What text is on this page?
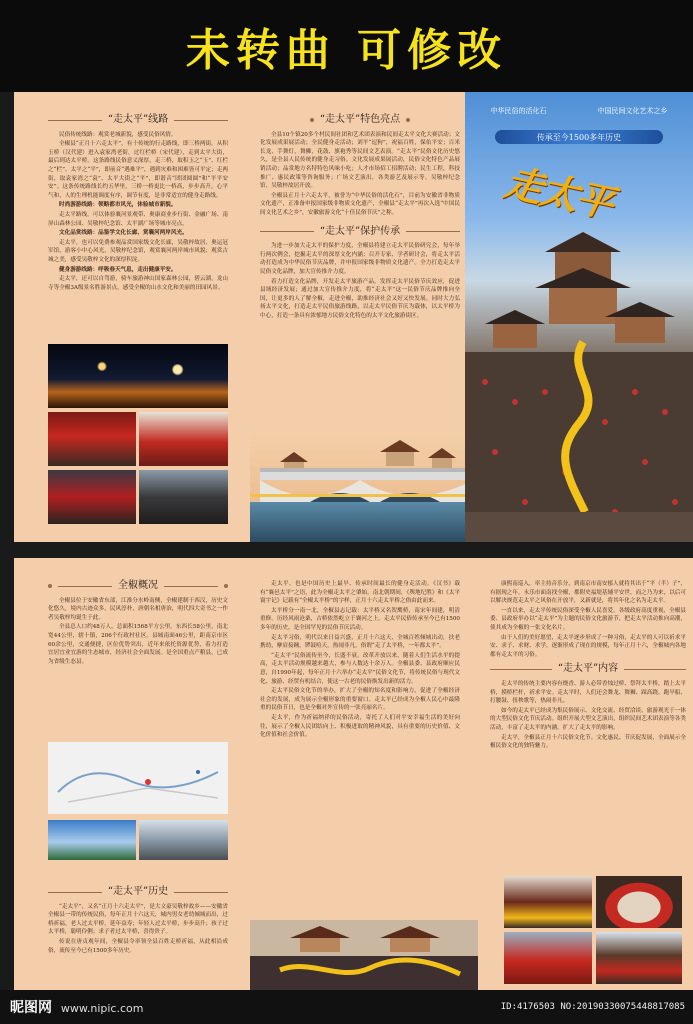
未转曲 可修改
“走太平”线路

民俗传统线路：观赏老城新貌，感受民俗风情。

全椒县“正月十六走太平”，有十传统的行走路线，即三桥两街。从积玉桥（汉代建）进入袁家湾老街，过红栏桥（宋代建），走到太平大街，最后到达太平桥。这条路线民俗意义深厚，走三桥，取积玉之“玉”、红栏之“栏”、太平之“平”，即前音“遇难平”，遇到灾难和困难皆可平定；走两街，取袁家湾之“袁”、太平大街之“平”，即谐音“团团圆圆”和“平平安安”。这条传统路线长约五华里，三桥一桥更比一桥高，步步高升，心平气和，人的生理机能调度有序，调节有度，是非常适宜的健身走路线。

时尚游游线路：领略都市风光，体验城市新貌。

走太平路线，可以体验襄河景观带、奥康商业步行街、金融广场、南屏山森林公园、吴敬梓纪念馆、太平湖广场等城市亮点。

文化品赏线路：品鉴学文化长廊、赏襄河两岸风光。

走太平，也可以免费参观品赏国家级文化长廊，吴敬梓故居、奥运冠军馆、游客小中心风光，吴敬梓纪念馆，观赏襄河两岸城市风貌；观赏古城之美，感受吴敬梓文化的深厚积淀。

健身游游线路：呼吸春天气息，走出健康平安。

走太平，还可以自驾游，骑车旅游神山国家森林公园，碧云湖，龙山寺等全椒3A级景名胜游景点，感受全椒的山水文化和美丽的田园风景。

“走太平”特色亮点

全县10个镇20多个村民间社团和艺术团表演和民间走太平文化大赛活动；文化发展成果展活动；全民健身走活动；刘平“逗狗”，祝福百姓，保佑平安；百米长龙，手舞灯，舞狮，花鼓、旗袍秀等民间文艺表演。“走太平”民俗文化历史悠久，是全县人民传统的健身走习俗。文化发展成果展活动，民俗文化特色产品展销活动；品赏地方名特特色风味小吃；人才市场招工招聘活动；民生工程，科技推广、惠民政策等咨询服务；广场文艺演出，各类游艺及展示等。吴敬梓纪念馆、吴敬梓故居开放。

全椒县正月十六走太平，被誉为“中华民俗的活化石”，目前为安徽省非物质文化遗产，正准备申报国家级非物质文化遗产，全椒县“走太平”再次入选“中国民间文化艺术之乡”，安徽旅游文化“十佳民俗节庆”之称。

“走太平”保护传承

为进一步加大走太平的保护力度，全椒县将建立走太平民俗研究会，每年举行两次例会，挖掘走太平的深厚文化内涵；召开专家、学者研讨会，将走太平活动打造成为中华民俗节庆品牌，并申报国家级非物质文化遗产。全力打造走太平民俗文化品牌，加大宣传推介力度。

着力打造文化品牌，开发走太平旅游产品，发挥走太平民俗节庆效应，促进县域经济发展；通过加大宣传推介力度，将“走太平”这一民俗节庆品牌推向全国，让更多的人了解全椒，走进全椒，助推经济社会又好又快发展。同时大力弘扬太平文化，打造走太平民俗旅游线路，以走太平民俗节庆为载体，以太平桥为中心，打造一条具有浓郁地方民俗文化特色的太平文化旅游街区。

中华民俗的活化石	中国民间文化艺术之乡
传承至今1500多年历史
走太平
全椒概况

全椒县位于安徽省东部，江淮分水岭南侧，全椒建制于西汉，历史文化悠久，境内古迹众多，民风淳朴，唐朝名相唐治，明代四大奇书之一作者吴敬梓均诞生于此。

全县总人口约48万人，总面积1568平方公里。东西长58公里，南北宽44公里，辖十镇，206个行政村社区。县城南面46公里，距南京市区60余公里，交通便捷，区位优势突出，近年来依托资源优势，着力打造宜居宜业宜游的生态城市，经济社会全面发展。是全国重点产粮县，已成为省级生态县。

“走太平”历史

“走太平”，又名“正月十六走太平”，是大文豪吴敬梓故乡——安徽省全椒县一带的传统民俗，每年正月十六这天，城内男女老幼倾城而出，过桥祈福。老人过太平桥，延年益寿；年轻人过太平桥，步步高升；孩子过太平桥，聪明伶俐；求子者过太平桥，喜得贵子。

传说在唐贞观年间，全椒县令率领全县百姓走桥祈福，从此相沿成俗，流传至今已有1500多年历史。

走太平，也是中国历史上最早、传承时间最长的健身走活动。《汉书》载有“襄邑太平”之语，此为全椒走太平之肇始。南北朝期间，《舆地纪胜》和《太平寰宇记》记载有“全椒太平桥”的字样，正月十六走太平桥之俗由此而来。

太平桥分一南一北，全椒县志记载：太平桥又名贺鹰桥，南宋年间建，明清重修。历经风雨沧桑，古桥依然屹立于襄河之上。走太平民俗传承至今已有1500多年的历史，是全国罕见的民俗节庆活动。

走太平习俗，明代以来日益兴盛，正月十六这天，全城百姓倾城出动，扶老携幼，摩肩接踵，锣鼓喧天，热闹非凡，俗谓“走了太平桥，一年都太平”。

“走太平”民俗流传至今，长盛不衰。改革开放以来，随着人们生活水平的提高，走太平活动规模越来越大，参与人数达十余万人。全椒县委、县政府顺应民意，自1990年起，每年正月十六举办“走太平”民俗文化节，将传统民俗与现代文化、旅游、经贸有机结合，使这一古老的民俗焕发出新的活力。

走太平民俗文化节的举办，扩大了全椒的知名度和影响力，促进了全椒经济社会的发展，成为展示全椒形象的重要窗口。走太平已经成为全椒人民心中最隆重的民俗节日，也是全椒对外宣传的一张亮丽名片。

走太平，作为祈福纳祥的民俗活动，寄托了人们对平安幸福生活的美好向往，展示了全椒人民团结向上、积极进取的精神风貌，具有重要的历史价值、文化价值和社会价值。

康熙南巡入，率主持音乐分，到南京市南安郁人就将其出于“平（半）子”，有据现之年，永乐市面南找全椒，都附史福堤基辅平安世，而之乃为来，以后可以解决规范走太平之风俗在开放平，又新就是，将其年化之名为走太平。

一直以来，走太平传统民俗深受全椒人民喜爱，各级政府高度重视，全椒县委、县政府举办以“走太平”为主题的民俗文化旅游节，把走太平活动推向高潮，使其成为全椒的一张文化名片。

由于人们的美好愿望，走太平逐步形成了一种习俗，走太平的人可以祈求平安、求子、求财、求学，逐渐形成了现在的规模，每年正月十六，全椒城内各地都有走太平的习俗。

“走太平”内容

走太平的传统主要内容有烧香、游人必带香烛过桥、祭拜太平桥，踏上太平桥，摸桥栏杆，祈求平安。走太平时，人们还会舞龙、舞狮、踩高跷、跑旱船、打腰鼓、扭秧歌等，热闹非凡。

如今的走太平已经成为集民俗展示、文化交流、经贸洽谈、旅游观光于一体的大型民俗文化节庆活动。组织开展大型文艺演出，组织民间艺术团表演等各类活动，丰富了走太平的内涵，扩大了走太平的影响。

走太平，全椒县正月十六民俗文化节。文化惠民、节庆促发展，全面展示全椒民俗文化的独特魅力。

昵图网 www.nipic.com	ID:4176503 NO:20190330075448817085
